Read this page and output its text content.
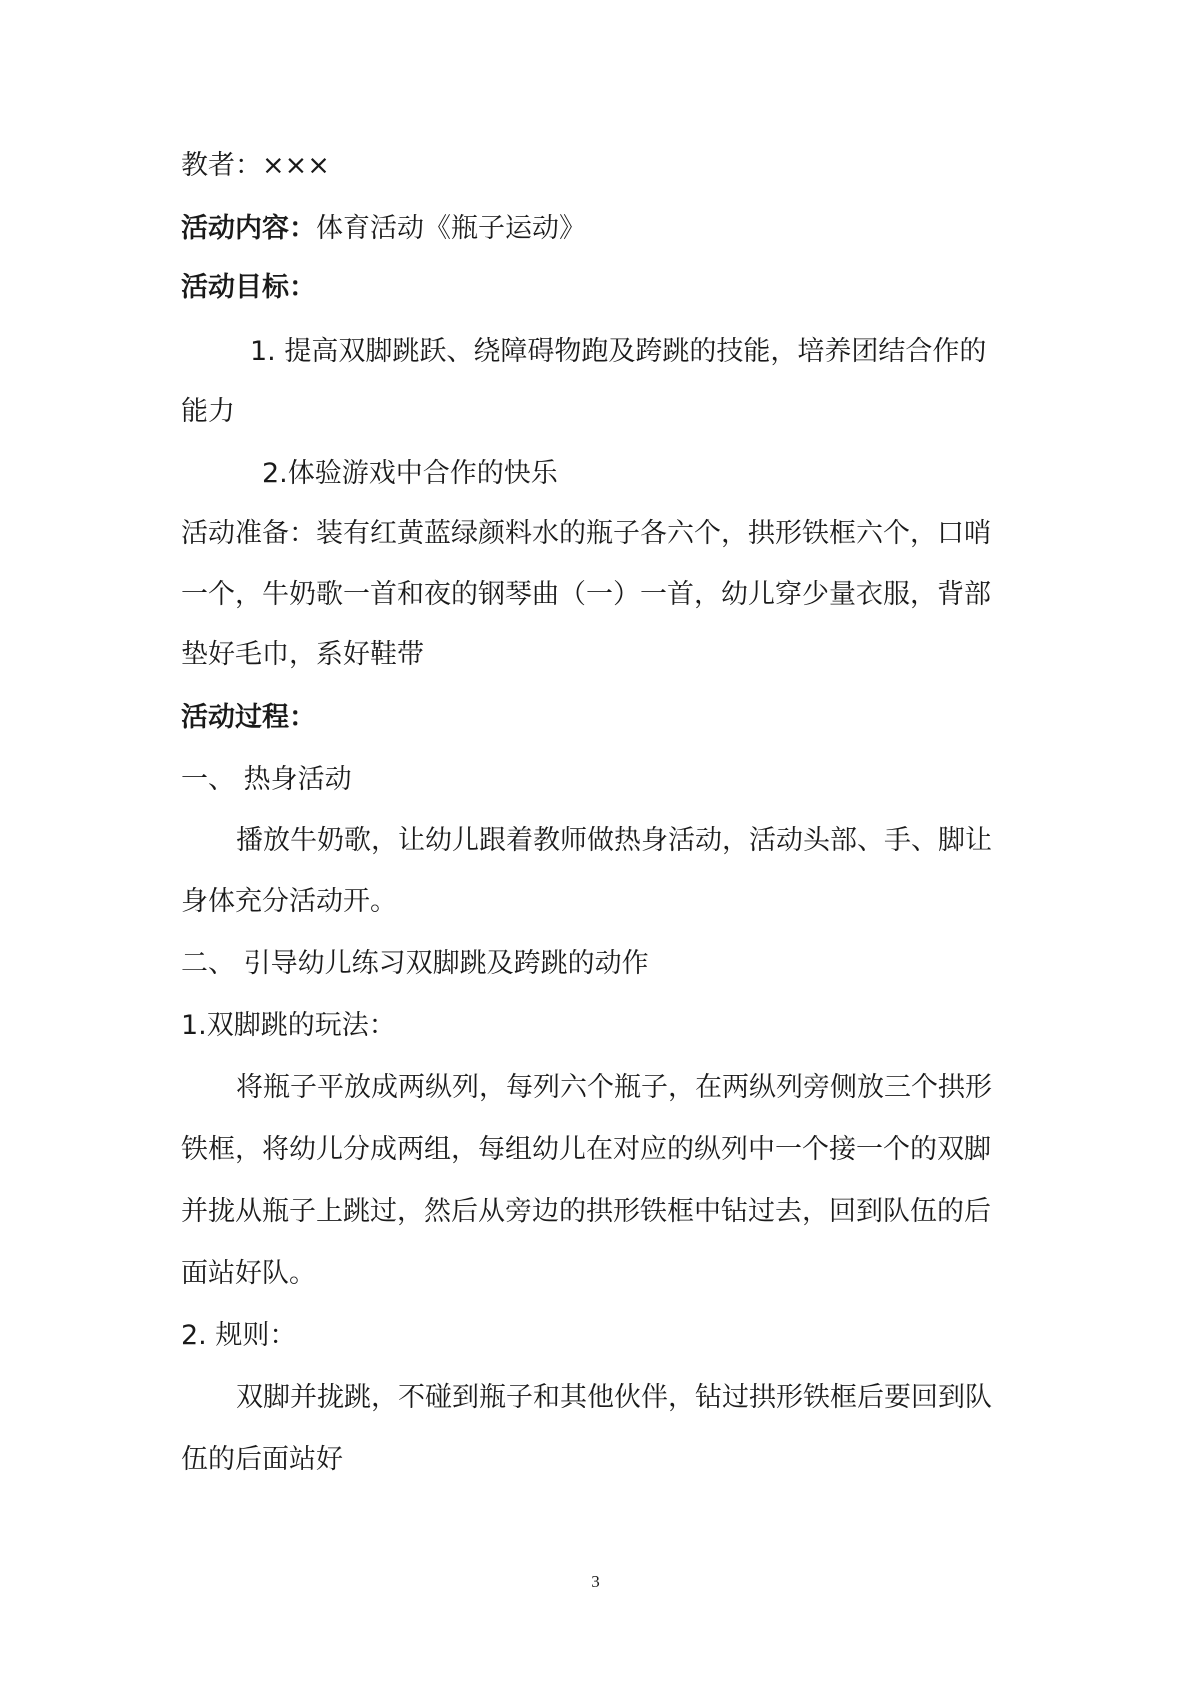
教者：×××
活动内容：体育活动《瓶子运动》
活动目标：
1. 提高双脚跳跃、绕障碍物跑及跨跳的技能，培养团结合作的
能力
2.体验游戏中合作的快乐
活动准备：装有红黄蓝绿颜料水的瓶子各六个，拱形铁框六个，口哨
一个，牛奶歌一首和夜的钢琴曲（一）一首，幼儿穿少量衣服，背部
垫好毛巾，系好鞋带
活动过程：
一、 热身活动
播放牛奶歌，让幼儿跟着教师做热身活动，活动头部、手、脚让
身体充分活动开。
二、 引导幼儿练习双脚跳及跨跳的动作
1.双脚跳的玩法：
将瓶子平放成两纵列，每列六个瓶子，在两纵列旁侧放三个拱形
铁框，将幼儿分成两组，每组幼儿在对应的纵列中一个接一个的双脚
并拢从瓶子上跳过，然后从旁边的拱形铁框中钻过去，回到队伍的后
面站好队。
2. 规则：
双脚并拢跳，不碰到瓶子和其他伙伴，钻过拱形铁框后要回到队
伍的后面站好
3
